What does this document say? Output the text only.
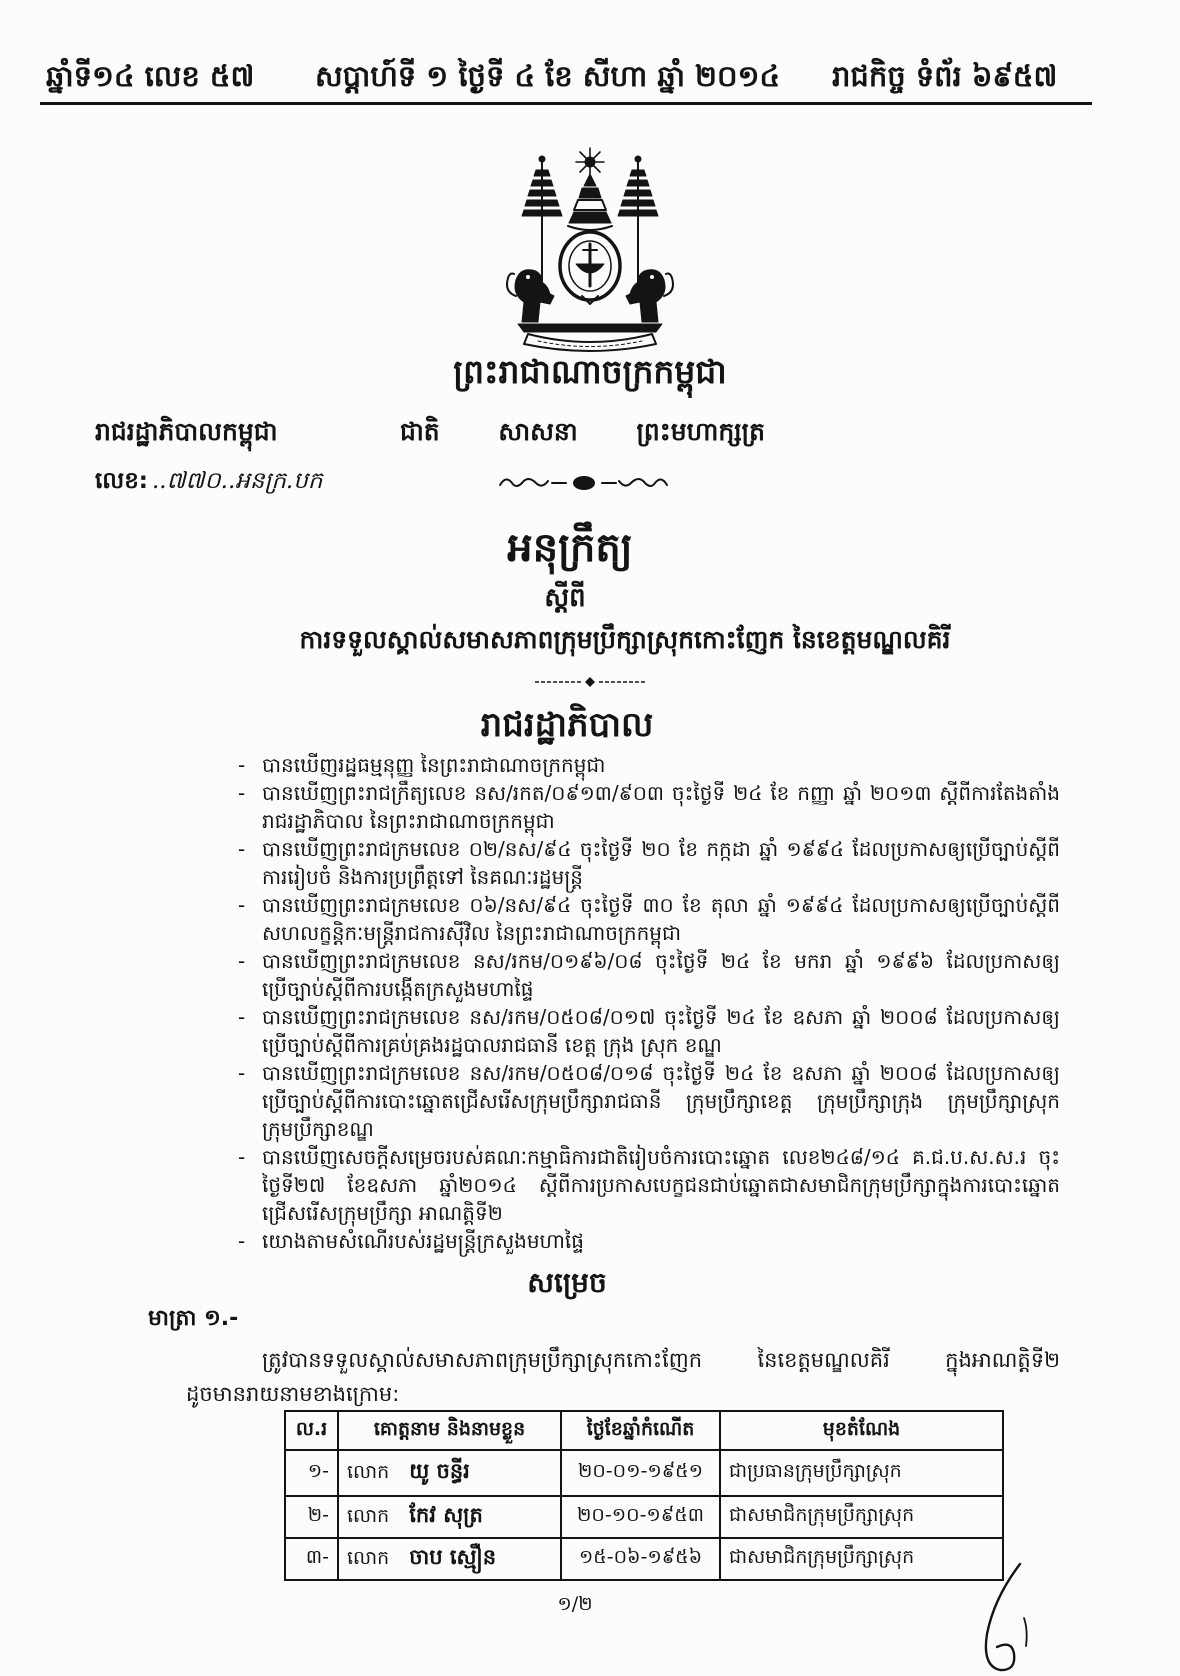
ឆ្នាំទី១៤ លេខ ៥៧	សប្តាហ៍ទី ១ ថ្ងៃទី ៤ ខែ សីហា ឆ្នាំ ២០១៤	រាជកិច្ច ទំព័រ ៦៩៥៧
ព្រះរាជាណាចក្រកម្ពុជា
រាជរដ្ឋាភិបាលកម្ពុជា	ជាតិ សាសនា ព្រះមហាក្សត្រ
លេខ: ..៧៧០..អនក្រ.បក
អនុក្រឹត្យ
ស្តីពី
ការទទួលស្គាល់សមាសភាពក្រុមប្រឹក្សាស្រុកកោះញែក នៃខេត្តមណ្ឌលគិរី
រាជរដ្ឋាភិបាល
- បានឃើញរដ្ឋធម្មនុញ្ញ នៃព្រះរាជាណាចក្រកម្ពុជា
- បានឃើញព្រះរាជក្រឹត្យលេខ នស/រកត/០៩១៣/៩០៣ ចុះថ្ងៃទី ២៤ ខែ កញ្ញា ឆ្នាំ ២០១៣ ស្តីពីការតែងតាំង
រាជរដ្ឋាភិបាល នៃព្រះរាជាណាចក្រកម្ពុជា
- បានឃើញព្រះរាជក្រមលេខ ០២/នស/៩៤ ចុះថ្ងៃទី ២០ ខែ កក្កដា ឆ្នាំ ១៩៩៤ ដែលប្រកាសឲ្យប្រើច្បាប់ស្តីពី
ការរៀបចំ និងការប្រព្រឹត្តទៅ នៃគណៈរដ្ឋមន្ត្រី
- បានឃើញព្រះរាជក្រមលេខ ០៦/នស/៩៤ ចុះថ្ងៃទី ៣០ ខែ តុលា ឆ្នាំ ១៩៩៤ ដែលប្រកាសឲ្យប្រើច្បាប់ស្តីពី
សហលក្ខន្តិកៈមន្ត្រីរាជការស៊ីវិល នៃព្រះរាជាណាចក្រកម្ពុជា
- បានឃើញព្រះរាជក្រមលេខ នស/រកម/០១៩៦/០៨ ចុះថ្ងៃទី ២៤ ខែ មករា ឆ្នាំ ១៩៩៦ ដែលប្រកាសឲ្យ
ប្រើច្បាប់ស្តីពីការបង្កើតក្រសួងមហាផ្ទៃ
- បានឃើញព្រះរាជក្រមលេខ នស/រកម/០៥០៨/០១៧ ចុះថ្ងៃទី ២៤ ខែ ឧសភា ឆ្នាំ ២០០៨ ដែលប្រកាសឲ្យ
ប្រើច្បាប់ស្តីពីការគ្រប់គ្រងរដ្ឋបាលរាជធានី ខេត្ត ក្រុង ស្រុក ខណ្ឌ
- បានឃើញព្រះរាជក្រមលេខ នស/រកម/០៥០៨/០១៨ ចុះថ្ងៃទី ២៤ ខែ ឧសភា ឆ្នាំ ២០០៨ ដែលប្រកាសឲ្យ
ប្រើច្បាប់ស្តីពីការបោះឆ្នោតជ្រើសរើសក្រុមប្រឹក្សារាជធានី ក្រុមប្រឹក្សាខេត្ត ក្រុមប្រឹក្សាក្រុង ក្រុមប្រឹក្សាស្រុក
ក្រុមប្រឹក្សាខណ្ឌ
- បានឃើញសេចក្តីសម្រេចរបស់គណៈកម្មាធិការជាតិរៀបចំការបោះឆ្នោត លេខ២៤៨/១៤ គ.ជ.ប.ស.ស.រ ចុះ
ថ្ងៃទី២៧ ខែឧសភា ឆ្នាំ២០១៤ ស្តីពីការប្រកាសបេក្ខជនជាប់ឆ្នោតជាសមាជិកក្រុមប្រឹក្សាក្នុងការបោះឆ្នោត
ជ្រើសរើសក្រុមប្រឹក្សា អាណត្តិទី២
- យោងតាមសំណើរបស់រដ្ឋមន្ត្រីក្រសួងមហាផ្ទៃ
សម្រេច
មាត្រា ១.-
ត្រូវបានទទួលស្គាល់សមាសភាពក្រុមប្រឹក្សាស្រុកកោះញែក នៃខេត្តមណ្ឌលគិរី ក្នុងអាណត្តិទី២
ដូចមានរាយនាមខាងក្រោម:
ល.រ	គោត្តនាម និងនាមខ្លួន	ថ្ងៃខែឆ្នាំកំណើត	មុខតំណែង

១-	លោក យូ ចន្ធីរ	២០-០១-១៩៥១	ជាប្រធានក្រុមប្រឹក្សាស្រុក

២-	លោក កែវ សុត្រ	២០-១០-១៩៥៣	ជាសមាជិកក្រុមប្រឹក្សាស្រុក

៣-	លោក ចាប ស្មឿន	១៥-០៦-១៩៥៦	ជាសមាជិកក្រុមប្រឹក្សាស្រុក
១/២
